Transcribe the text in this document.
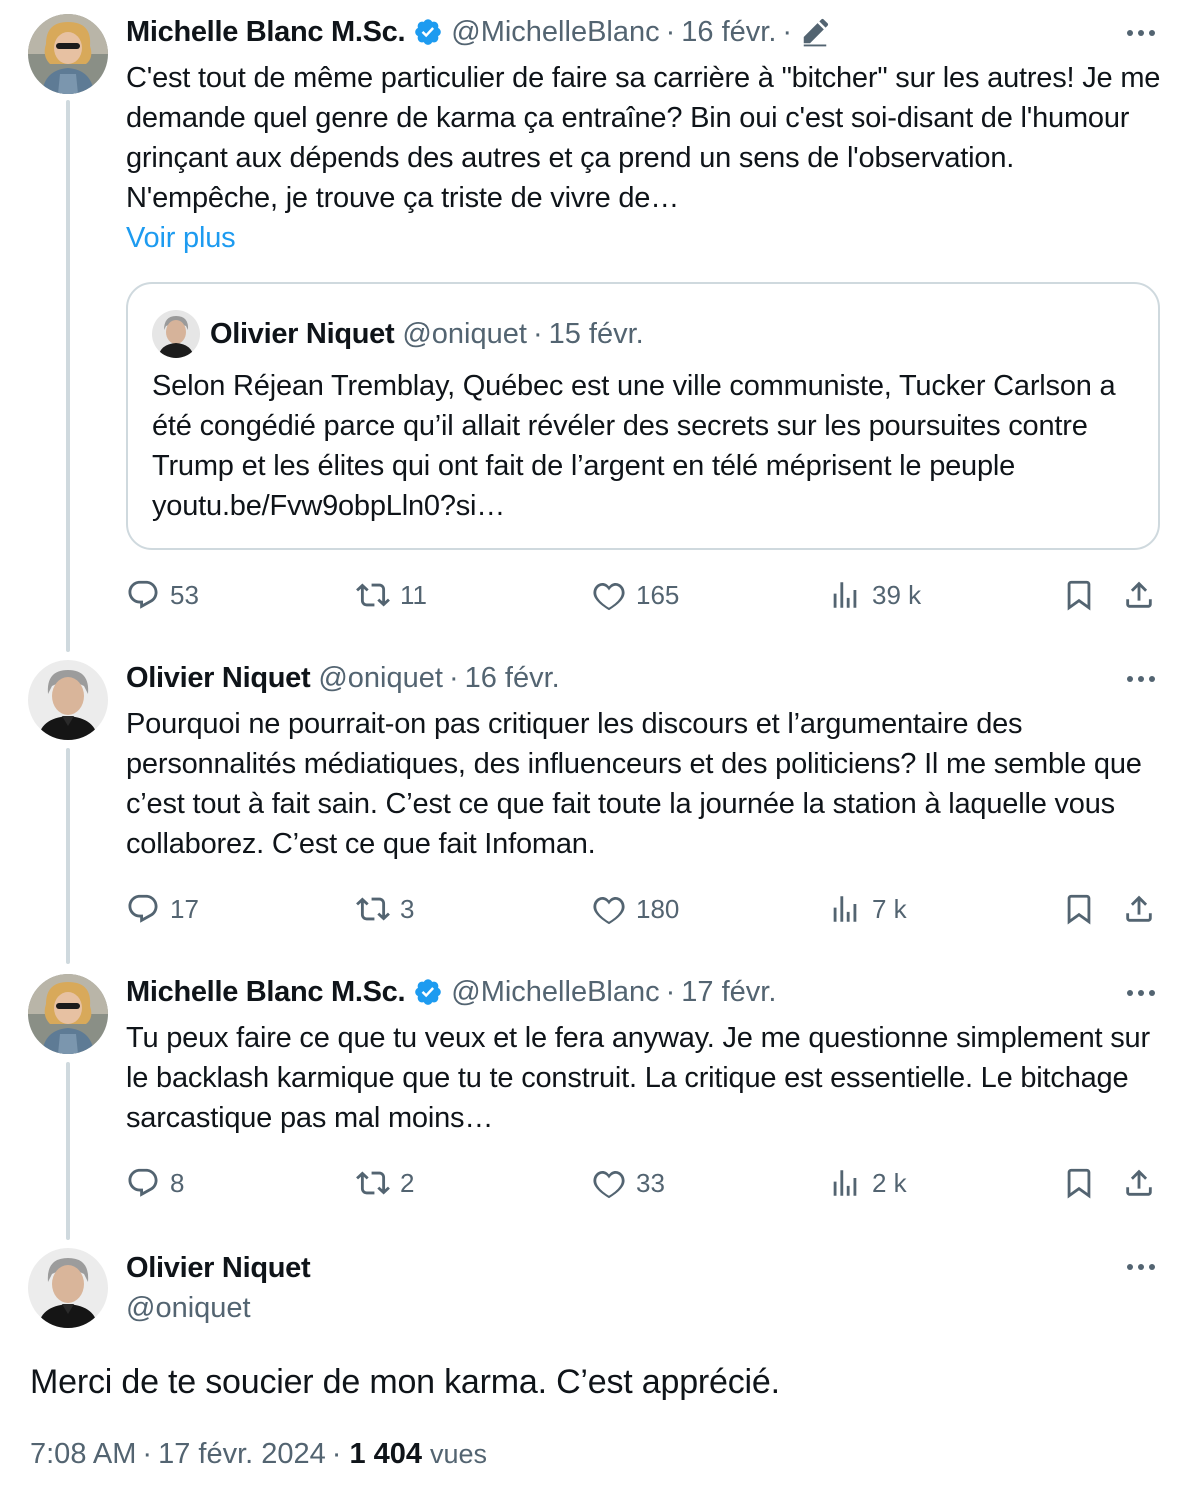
Michelle Blanc M.Sc. @MichelleBlanc · 16 févr. ·
C'est tout de même particulier de faire sa carrière à "bitcher" sur les autres! Je me demande quel genre de karma ça entraîne? Bin oui c'est soi-disant de l'humour grinçant aux dépends des autres et ça prend un sens de l'observation. N'empêche, je trouve ça triste de vivre de…
Voir plus
Olivier Niquet @oniquet · 15 févr.
Selon Réjean Tremblay, Québec est une ville communiste, Tucker Carlson a été congédié parce qu’il allait révéler des secrets sur les poursuites contre Trump et les élites qui ont fait de l’argent en télé méprisent le peuple youtu.be/Fvw9obpLln0?si…
53	11	165	39 k
Olivier Niquet @oniquet · 16 févr.
Pourquoi ne pourrait-on pas critiquer les discours et l’argumentaire des personnalités médiatiques, des influenceurs et des politiciens? Il me semble que c’est tout à fait sain. C’est ce que fait toute la journée la station à laquelle vous collaborez. C’est ce que fait Infoman.
17	3	180	7 k
Michelle Blanc M.Sc. @MichelleBlanc · 17 févr.
Tu peux faire ce que tu veux et le fera anyway. Je me questionne simplement sur le backlash karmique que tu te construit. La critique est essentielle. Le bitchage sarcastique pas mal moins…
8	2	33	2 k
Olivier Niquet
@oniquet
Merci de te soucier de mon karma. C’est apprécié.
7:08 AM · 17 févr. 2024 · 1 404 vues
